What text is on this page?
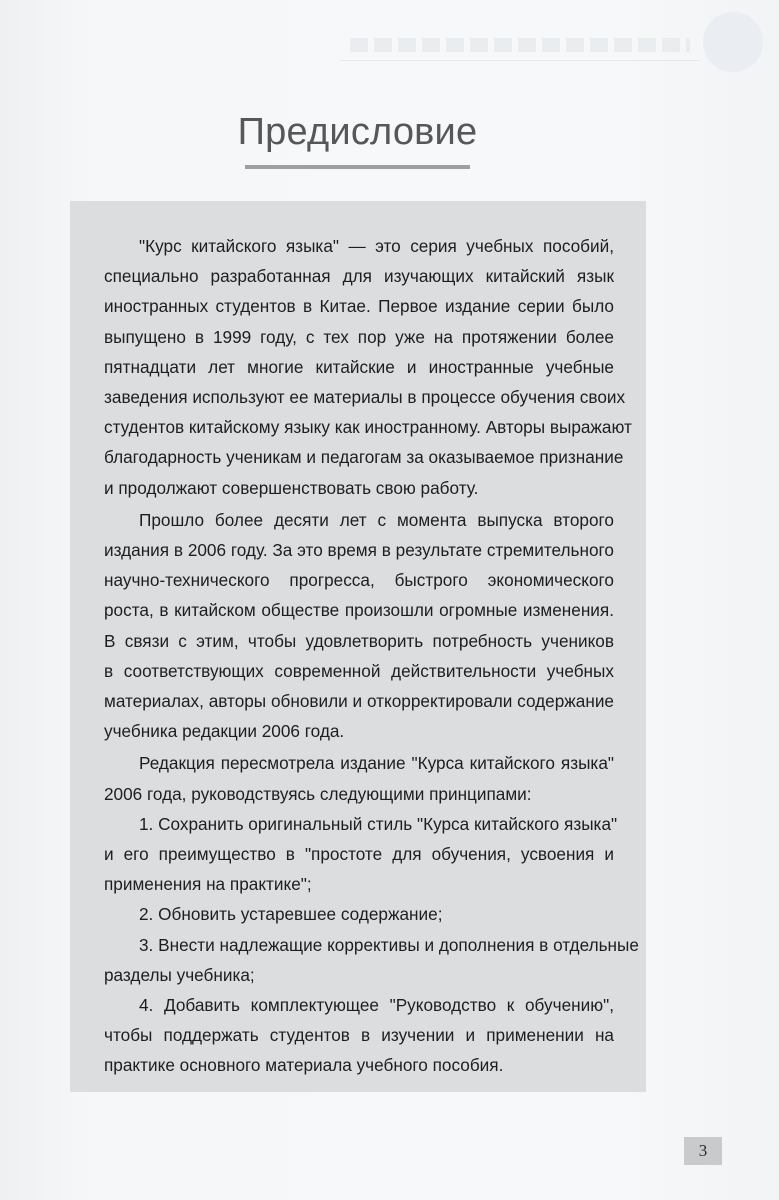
Предисловие

"Курс китайского языка" — это серия учебных пособий,
специально разработанная для изучающих китайский язык
иностранных студентов в Китае. Первое издание серии было
выпущено в 1999 году, с тех пор уже на протяжении более
пятнадцати лет многие китайские и иностранные учебные
заведения используют ее материалы в процессе обучения своих
студентов китайскому языку как иностранному. Авторы выражают
благодарность ученикам и педагогам за оказываемое признание
и продолжают совершенствовать свою работу.

Прошло более десяти лет с момента выпуска второго
издания в 2006 году. За это время в результате стремительного
научно-технического прогресса, быстрого экономического
роста, в китайском обществе произошли огромные изменения.
В связи с этим, чтобы удовлетворить потребность учеников
в соответствующих современной действительности учебных
материалах, авторы обновили и откорректировали содержание
учебника редакции 2006 года.

Редакция пересмотрела издание "Курса китайского языка"
2006 года, руководствуясь следующими принципами:

1. Сохранить оригинальный стиль "Курса китайского языка"
и его преимущество в "простоте для обучения, усвоения и
применения на практике";

2. Обновить устаревшее содержание;

3. Внести надлежащие коррективы и дополнения в отдельные
разделы учебника;

4. Добавить комплектующее "Руководство к обучению",
чтобы поддержать студентов в изучении и применении на
практике основного материала учебного пособия.

3
